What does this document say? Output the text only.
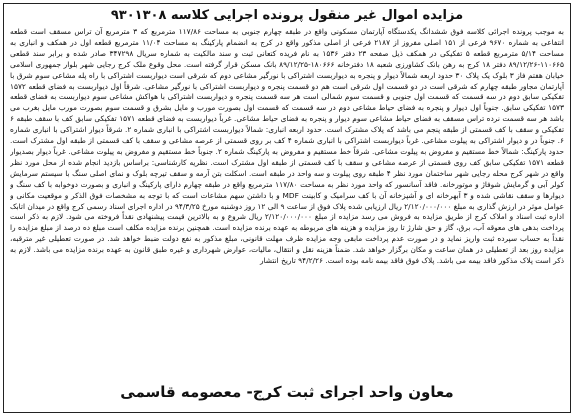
مزایده اموال غیر منقول پرونده اجرایی کلاسه ۹۳۰۱۳۰۸
به موجب پرونده اجرائی کلاسه فوق ششدانگ یکدستگاه آپارتمان مسکونی واقع در طبقه چهارم جنوبی به مساحت ۱۱۷/۸۶ مترمربع که ۳ مترمربع آن تراس مسقف است قطعه انتفاعی به شماره ۹۶۷۰ فرعی از ۱۵۱ اصلی مفروز از ۲۱۸۷ فرعی از اصلی مذکور واقع در کرج به انضمام پارکینگ به مساحت ۱۱/۰۴ مترمربع قطعه اول در همکف و انباری به مساحت ۵/۱۴ مترمربع قطعه ۵ تفکیکی در همکف ذیل صفحه ۲۳ دفتر ۱۵۳۶ به نام فریده کتعانی ثبت و سند مالکیت به شماره سریال ۳۴۷۲۹۸ صادر شده و برابر سند قطعی ۱۱۰۶۶۵-۸۹/۱۲/۲۶ دفتر ۱۸ کرج به رهن بانک کشاورزی شعبه ۱۸ دفترخانه ۱۸۰۶۶۶-۸۹/۱۲/۲۵ بانک مسکن قرار گرفته است. محل وقوع ملک کرج رجایی شهر بلوار جمهوری اسلامی خیابان هفتم فاز ۳ بلوک یک پلاک ۳۰ حدود اربعه شمالاً دیوار و پنجره به دیواربست اشتراکی با نورگیر مشاعی دوم که شرقی است دیواربست اشتراکی با راه پله مشاعی سوم شرق با آپارتمان مجاور طبقه چهارم که شرقی است در دو قسمت اول شرقی است هم دو قسمت پنجره و دیواربست اشتراکی با نورگیر مشاعی. شرقاً اول دیواربست به فضای قطعه ۱۵۷۲ تفکیکی سابق دوم در سه قسمت که قسمت اول جنوبی و قسمت سوم شمالی است هر سه قسمت پنجره و دیواربست اشتراکی با هواکش مشاعی سوم دیواربست به فضای قطعه ۱۵۷۳ تفکیکی سابق. جنوباً اول دیوار و پنجره به فضای حیاط مشاعی دوم در سه قسمت که قسمت اول بصورت مورب و مایل بشرق و قسمت سوم بصورت مورب مایل بغرب می باشد هر سه قسمت نرده تراس مسقف به فضای حیاط مشاعی سوم دیوار و پنجره به فضای حیاط مشاعی. غرباً دیواربست به فضای قطعه ۱۵۷۱ تفکیکی سابق کف با سقف طبقه ۶ تفکیکی و سقف با کف قسمتی از طبقه پنجم می باشد که پلاک مشترک است. حدود اربعه انباری: شمالاً دیواربست اشتراکی با انباری شماره ۲. شرقاً دیوار اشتراکی با انباری شماره ۶. جنوباً در و دیوار اشتراکی به پیلوت مشاعی. غرباً دیواربست اشتراکی با انباری شماره ۴ کف بر روی قسمتی از عرصه مشاعی و سقف با کف قسمتی از طبقه اول مشترک است. حدود پارکینگ: شمالاً خط مستقیم و مفروض به پیلوت مشاعی. شرقاً خط مستقیم و مفروض به پارکینگ شماره ۲. جنوباً خط مستقیم و مفروض به پیلوت مشاعی. غرباً دیوار بصدیوار قطعه ۱۵۷۱ تفکیکی سابق کف روی قسمتی از عرصه مشاعی و سقف با کف قسمتی از طبقه اول مشترک است. نظریه کارشناسی: براساس بازدید انجام شده از محل مورد نظر واقع در شهر کرج محله رجایی شهر ساختمان مورد نظر ۴ طبقه روی پیلوت و سه واحد در طبقه است. اسکلت بتن آرمه و سقف تیرچه بلوک و نمای اصلی سنگ با سیستم سرمایش کولر آبی و گرمایش شوفاژ و موتورخانه. فاقد آسانسور که واحد مورد نظر به مساحت ۱۱۷/۸۰ مترمربع واقع در طبقه چهارم دارای پارکینگ و انباری و بصورت دوخوابه با کف سنگ و دیوارها و سقف نقاشی شده و ۳ آبهرخانه ای و آشپزخانه آن با کف سرامیک و کابینت MDF و با داشتن سهم مشاعات است که با توجه به مشخصات فوق الذکر و موقعیت مکانی و عوامل موثر در ارزش گذاری به مبلغ ۲/۱۲۰/۰۰۰/۰۰۰ ریال ارزیابی شده پلاک فوق از ساعت ۹ الی ۱۲ روز دوشنبه مورخ ۹۴/۳/۲۵ در اداره اجرای اسناد رسمی کرج واقع در میدان اتابک اداره ثبت اسناد و املاک کرج از طریق مزایده به فروش می رسد مزایده از مبلغ ۲/۱۲۰/۰۰۰/۰۰۰ ریال شروع و به بالاترین قیمت پیشنهادی نقداً فروخته می شود. لازم به ذکر است پرداخت بدهی های معوقه آب، برق، گاز و حق شارژ تا روز مزایده و هزینه های مربوطه به عهده برنده مزایده است. همچنین برنده مزایده مکلف است مبلغ ده درصد از مبلغ مزایده را نقداً به حساب سپرده ثبت واریز نماید و در صورت عدم پرداخت مابقی وجه مزایده ظرف مهلت قانونی، مبلغ مذکور به نفع دولت ضبط خواهد شد. در صورت تعطیلی غیر مترقبه، مزایده روز بعد از تعطیلی در همان ساعت و مکان برگزار خواهد شد. ضمناً هزینه نقل و انتقال، مالیات، عوارض شهرداری و غیره طبق قانون به عهده برنده مزایده می باشد. لازم به ذکر است پلاک مذکور فاقد بیمه می باشد. پلاک فوق فاقد بیمه نامه بوده است. ۹۴/۲/۲۶ تاریخ انتشار
معاون واحد اجرای ثبت کرج- معصومه قاسمی
